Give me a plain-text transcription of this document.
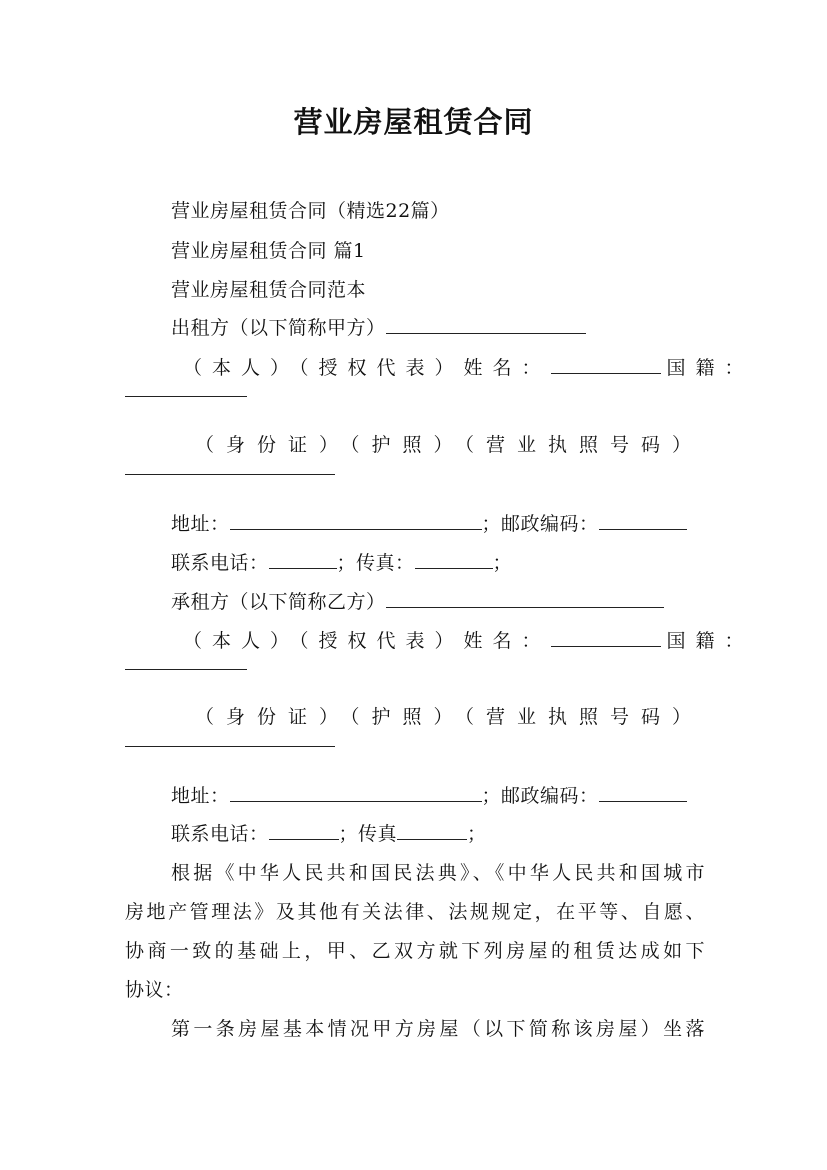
营业房屋租赁合同
营业房屋租赁合同（精选22篇）
营业房屋租赁合同 篇1
营业房屋租赁合同范本
出租方（以下简称甲方）
（本人）（授权代表）姓名：	国籍：
（身份证）（护照）（营业执照号码）
地址：	；邮政编码：
联系电话：	；传真：	；
承租方（以下简称乙方）
（本人）（授权代表）姓名：	国籍：
（身份证）（护照）（营业执照号码）
地址：	；邮政编码：
联系电话：	；传真	；
根据《中华人民共和国民法典》、《中华人民共和国城市
房地产管理法》及其他有关法律、法规规定，在平等、自愿、
协商一致的基础上，甲、乙双方就下列房屋的租赁达成如下
协议：
第一条房屋基本情况甲方房屋（以下简称该房屋）坐落
